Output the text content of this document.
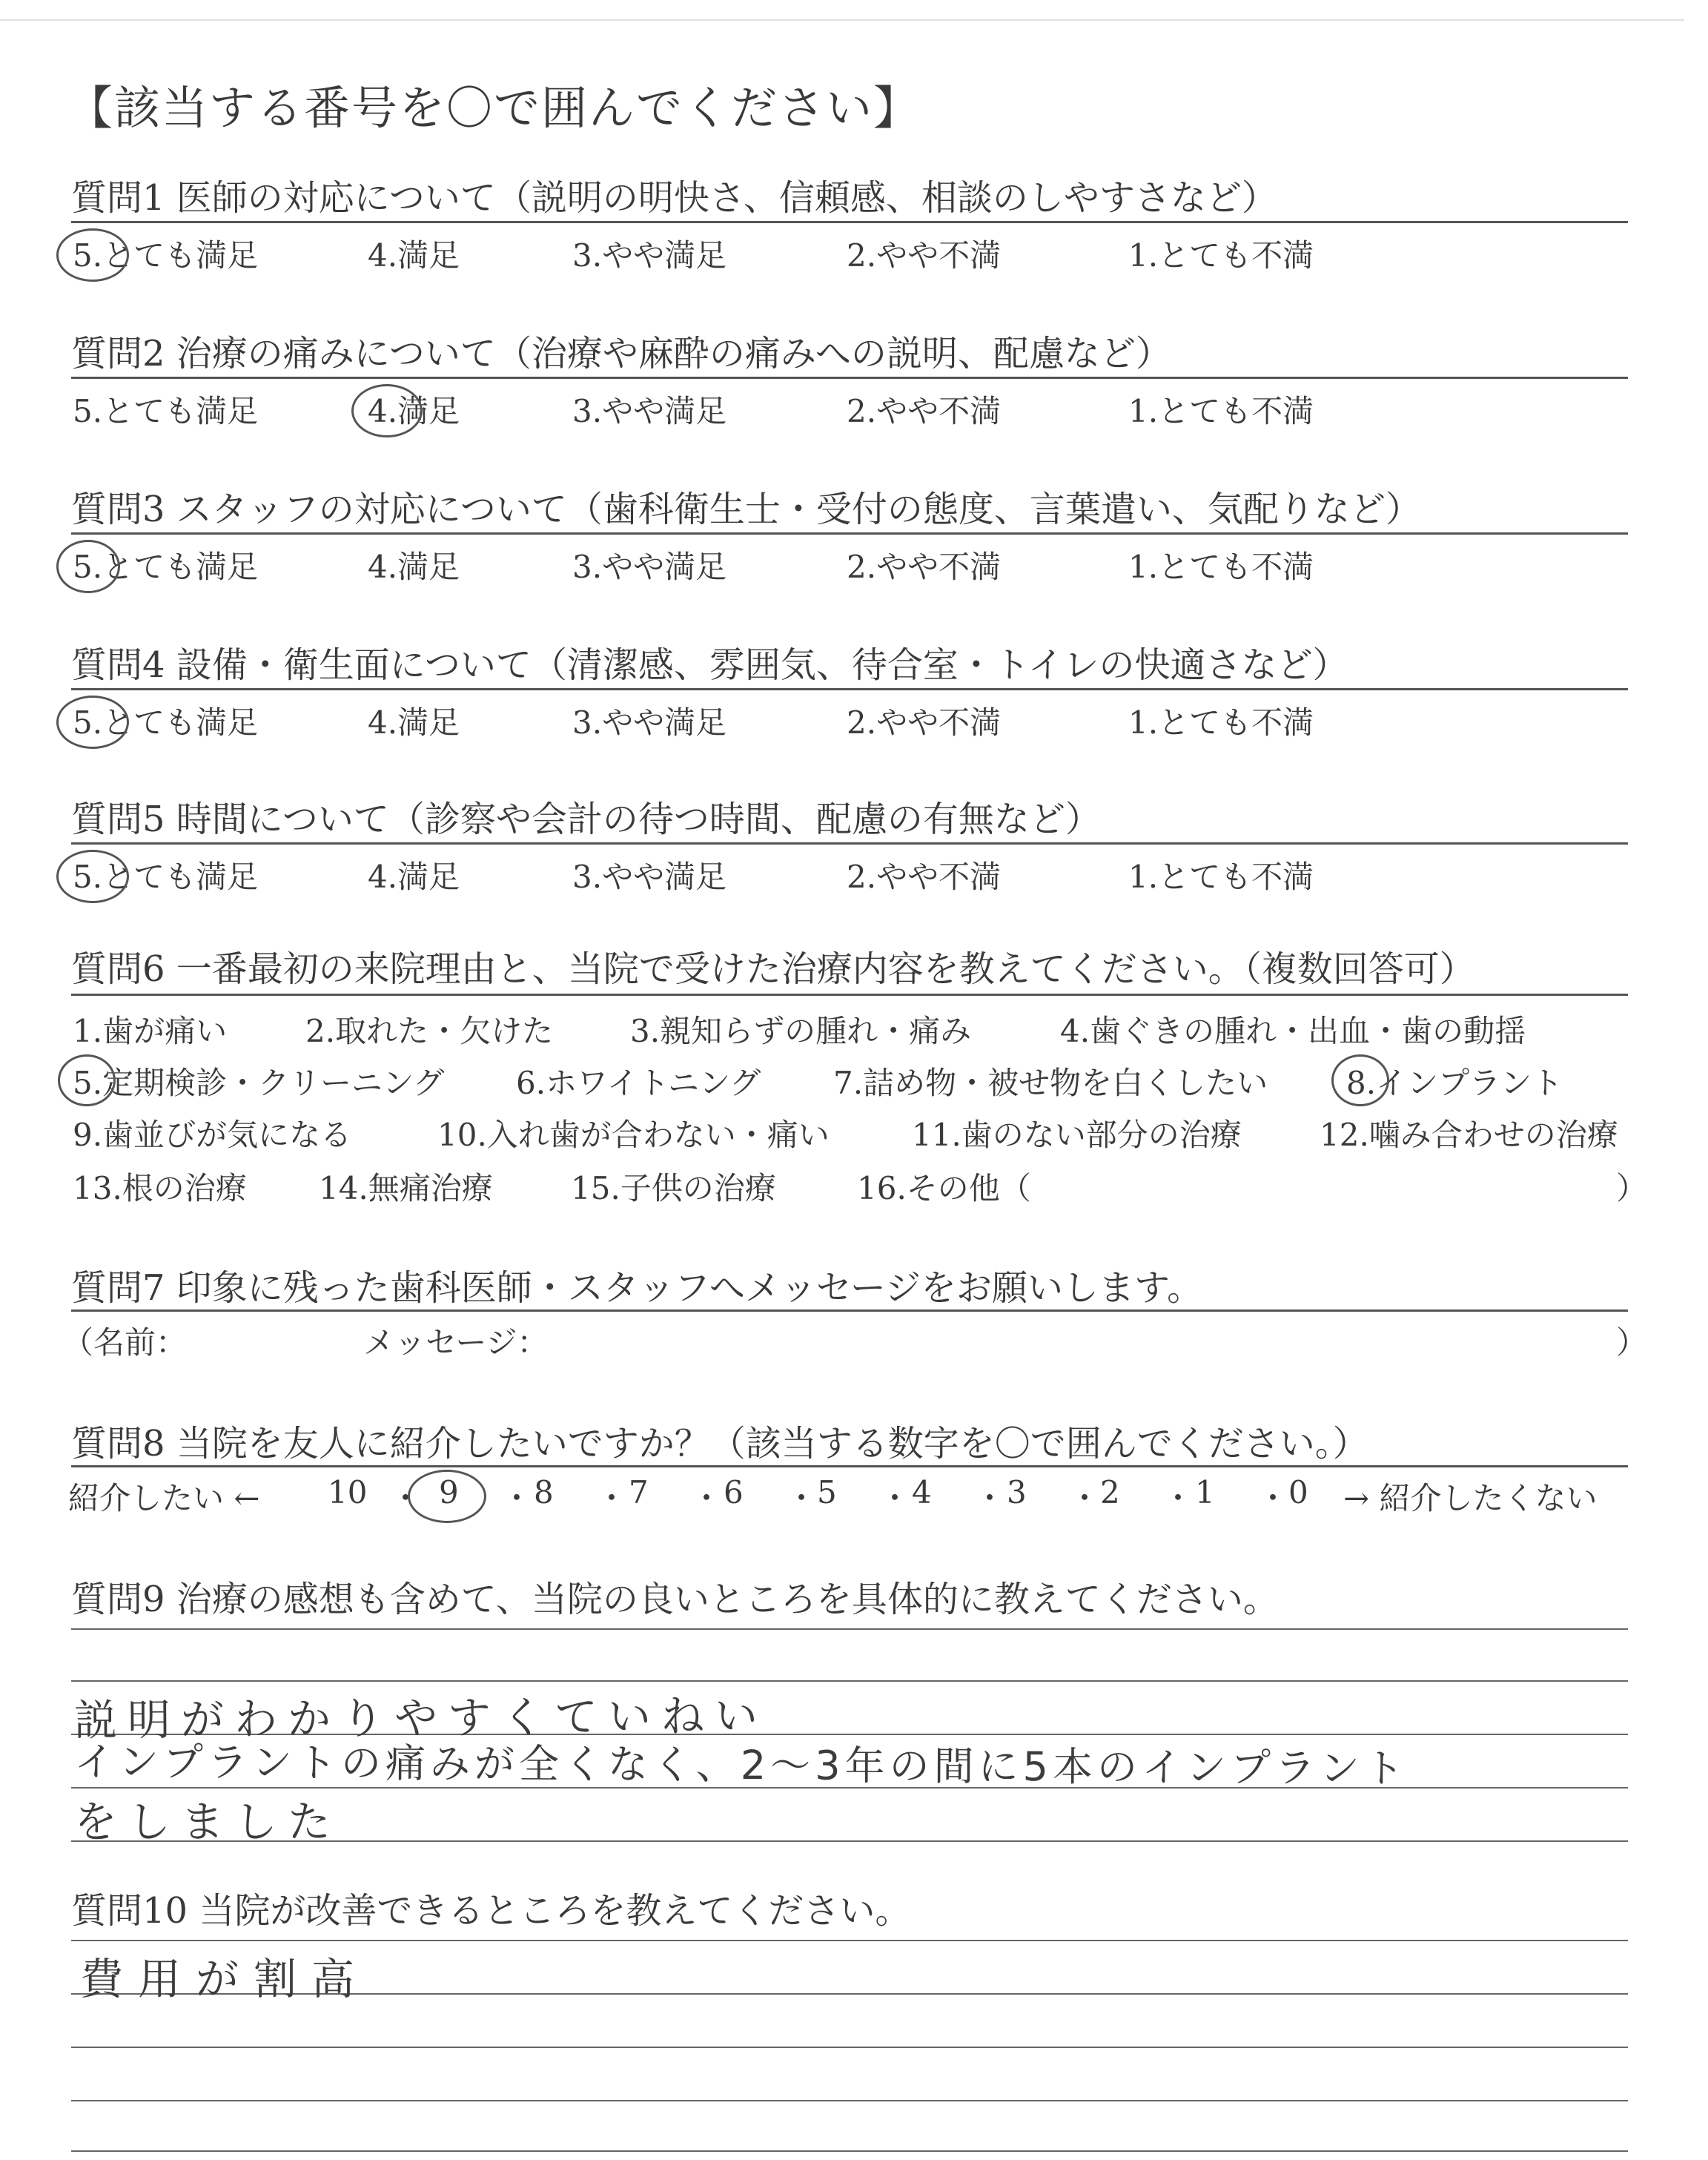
【該当する番号を〇で囲んでください】
質問1 医師の対応について（説明の明快さ、信頼感、相談のしやすさなど）
5.とても満足	4.満足	3.やや満足	2.やや不満	1.とても不満
質問2 治療の痛みについて（治療や麻酔の痛みへの説明、配慮など）
5.とても満足	4.満足	3.やや満足	2.やや不満	1.とても不満
質問3 スタッフの対応について（歯科衛生士・受付の態度、言葉遣い、気配りなど）
5.とても満足	4.満足	3.やや満足	2.やや不満	1.とても不満
質問4 設備・衛生面について（清潔感、雰囲気、待合室・トイレの快適さなど）
5.とても満足	4.満足	3.やや満足	2.やや不満	1.とても不満
質問5 時間について（診察や会計の待つ時間、配慮の有無など）
5.とても満足	4.満足	3.やや満足	2.やや不満	1.とても不満
質問6 一番最初の来院理由と、当院で受けた治療内容を教えてください。（複数回答可）
1.歯が痛い	2.取れた・欠けた 3.親知らずの腫れ・痛み	4.歯ぐきの腫れ・出血・歯の動揺
5.定期検診・クリーニング 6.ホワイトニング 7.詰め物・被せ物を白くしたい	8.インプラント
9.歯並びが気になる	10.入れ歯が合わない・痛い	11.歯のない部分の治療	12.噛み合わせの治療
13.根の治療 14.無痛治療	15.子供の治療	16.その他（	）
質問7 印象に残った歯科医師・スタッフへメッセージをお願いします。
（名前：	メッセージ：	）
質問8 当院を友人に紹介したいですか？（該当する数字を〇で囲んでください。）
紹介したい ← 10 ・ 9 ・ 8 ・ 7 ・ 6 ・ 5 ・ 4 ・ 3 ・ 2 ・ 1 ・ 0 → 紹介したくない
質問9 治療の感想も含めて、当院の良いところを具体的に教えてください。
説明がわかりやすくていねい
インプラントの痛みが全くなく、2〜3年の間に5本のインプラント
をしました
質問10 当院が改善できるところを教えてください。
費用が割高
